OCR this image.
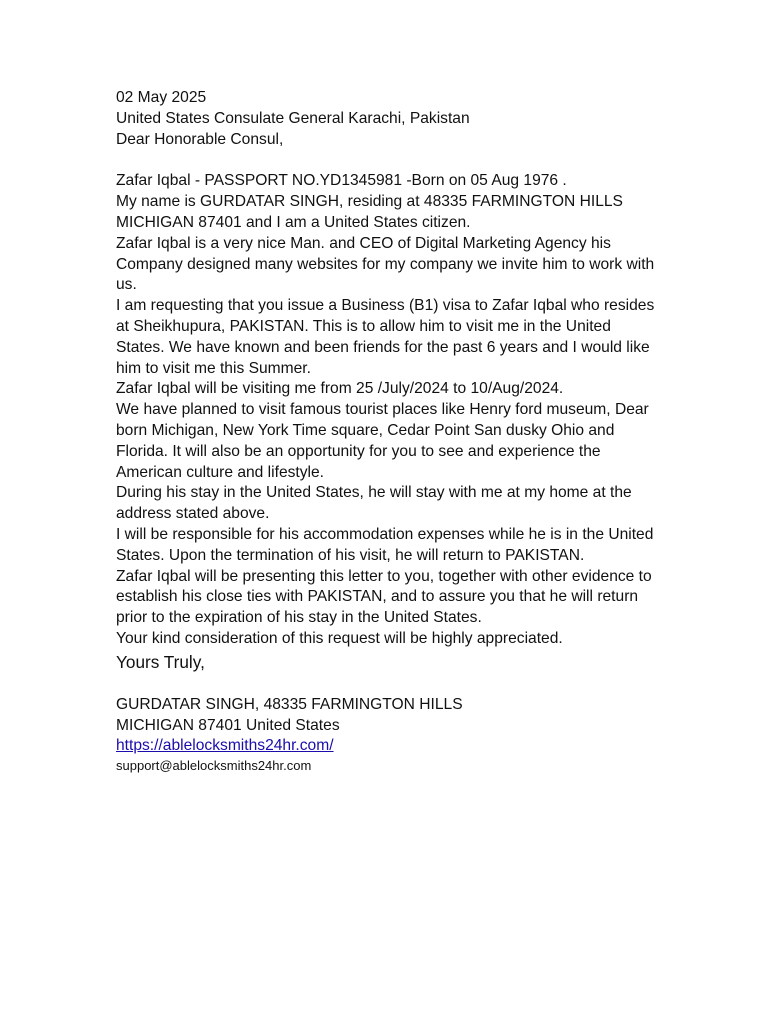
02 May 2025

United States Consulate General Karachi, Pakistan

Dear Honorable Consul,

Zafar Iqbal - PASSPORT NO.YD1345981 -Born on 05 Aug 1976 .

My name is GURDATAR SINGH, residing at 48335 FARMINGTON HILLS MICHIGAN 87401 and I am a United States citizen.

Zafar Iqbal is a very nice Man. and CEO of Digital Marketing Agency his Company designed many websites for my company we invite him to work with us.

I am requesting that you issue a Business (B1) visa to Zafar Iqbal who resides at Sheikhupura, PAKISTAN. This is to allow him to visit me in the United States. We have known and been friends for the past 6 years and I would like him to visit me this Summer.

Zafar Iqbal will be visiting me from 25 /July/2024 to 10/Aug/2024.

We have planned to visit famous tourist places like Henry ford museum, Dear born Michigan, New York Time square, Cedar Point San dusky Ohio and Florida. It will also be an opportunity for you to see and experience the American culture and lifestyle.

During his stay in the United States, he will stay with me at my home at the address stated above.

I will be responsible for his accommodation expenses while he is in the United States. Upon the termination of his visit, he will return to PAKISTAN.

Zafar Iqbal will be presenting this letter to you, together with other evidence to establish his close ties with PAKISTAN, and to assure you that he will return prior to the expiration of his stay in the United States.

Your kind consideration of this request will be highly appreciated.

Yours Truly,

GURDATAR SINGH, 48335 FARMINGTON HILLS

MICHIGAN 87401 United States

https://ablelocksmiths24hr.com/

support@ablelocksmiths24hr.com
